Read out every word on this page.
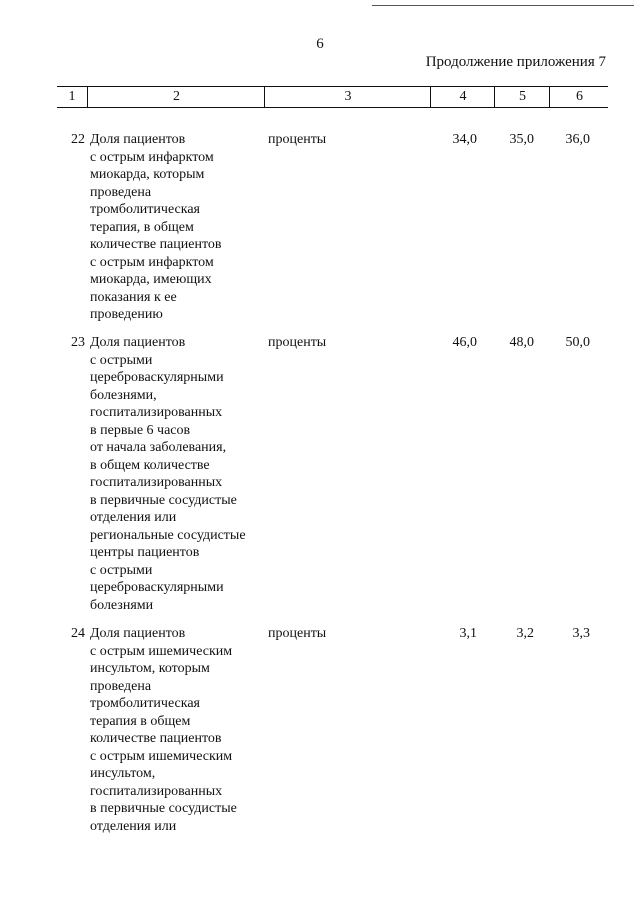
6
Продолжение приложения 7
1	2	3	4	5	6
22 Доля пациентов
с острым инфарктом
миокарда, которым
проведена
тромболитическая
терапия, в общем
количестве пациентов
с острым инфарктом
миокарда, имеющих
показания к ее
проведению
проценты	34,0	35,0	36,0
23 Доля пациентов
с острыми
цереброваскулярными
болезнями,
госпитализированных
в первые 6 часов
от начала заболевания,
в общем количестве
госпитализированных
в первичные сосудистые
отделения или
региональные сосудистые
центры пациентов
с острыми
цереброваскулярными
болезнями
проценты	46,0	48,0	50,0
24 Доля пациентов
с острым ишемическим
инсультом, которым
проведена
тромболитическая
терапия в общем
количестве пациентов
с острым ишемическим
инсультом,
госпитализированных
в первичные сосудистые
отделения или
проценты	3,1	3,2	3,3
